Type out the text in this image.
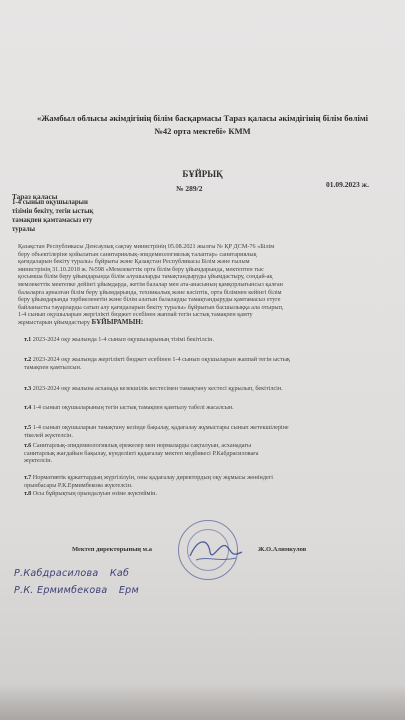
«Жамбыл облысы әкімдігінің білім басқармасы Тараз қаласы әкімдігінің білім бөлімі
№42 орта мектебі» КММ
БҰЙРЫҚ
№ 289/2	01.09.2023 ж.
Тараз қаласы
1-4 сынып оқушыларын
тізімін бекіту, тегін ыстық
тамақпен қамтамасыз ету
туралы
Қазақстан Республикасы Денсаулық сақтау министрінің 05.08.2021 жылғы № ҚР ДСМ-76 «Білім
беру объектілеріне қойылатын санитариялық-эпидемиологиялық талаптар» санитариялық
қағидаларын бекіту туралы» бұйрығы және Қазақстан Республикасы Білім және ғылым
министрінің 31.10.2018 ж. №598 «Мемлекеттік орта білім беру ұйымдарында, мектептен тыс
қосымша білім беру ұйымдарында білім алушыларды тамақтандыруды ұйымдастыру, сондай-ақ
мемлекеттік мектепке дейінгі ұйымдарда, жетім балалар мен ата-анасының қамқорлығынсыз қалған
балаларға арналған білім беру ұйымдарында, техникалық және кәсіптік, орта білімнен кейінгі білім
беру ұйымдарында тәрбиеленетін және білім алатын балаларды тамақтандыруды қамтамасыз етуге
байланысты тауарларды сатып алу қағидаларын бекіту туралы» бұйрығын басшылыққа ала отырып,
1-4 сынып оқушыларын жергілікті бюджет есебінен жаппай тегін ыстық тамақпен қамту
жұмыстарын ұйымдастыру БҰЙЫРАМЫН:
т.1 2023-2024 оқу жылында 1-4 сынып оқушыларының тізімі бекітілсін.
т.2 2023-2024 оқу жылында жергілікті бюджет есебінен 1-4 сынып оқушыларын жаппай тегін ыстық
тамақпен қамтылсын.
т.3 2023-2024 оқу жылына асханада кезекшілік кестесімен тамақтану кестесі құрылып, бекітілсін.
т.4 1-4 сынып оқушыларының тегін ыстық тамақпен қамтылу табелі жасалсын.
т.5 1-4 сынып оқушыларын тамақтану кезінде бақылау, қадағалау жұмыстары сынып жетекшілеріне
тікелей жүктелсін.
т.6 Санитарлық-эпидемиологиялық ережелер мен нормаларды сақталуын, асханадағы
санитарлық жағдайын бақылау, күнделікті қадағалау мектеп медбикесі Р.Кабдрасиловаға
жүктелсін.
т.7 Нормативтік құжаттардың жүргізілуін, оны қадағалау директордың оқу жұмысы жөніндегі
орынбасары Р.К.Ермимбекова жүктелсін.
т.8 Осы бұйрықтың орындалуын өзіме жүктеймін.
Мектеп директорының м.а	Ж.О.Алимкулов
Р.Кабдрасилова Каб
Р.К. Ермимбекова Ерм
